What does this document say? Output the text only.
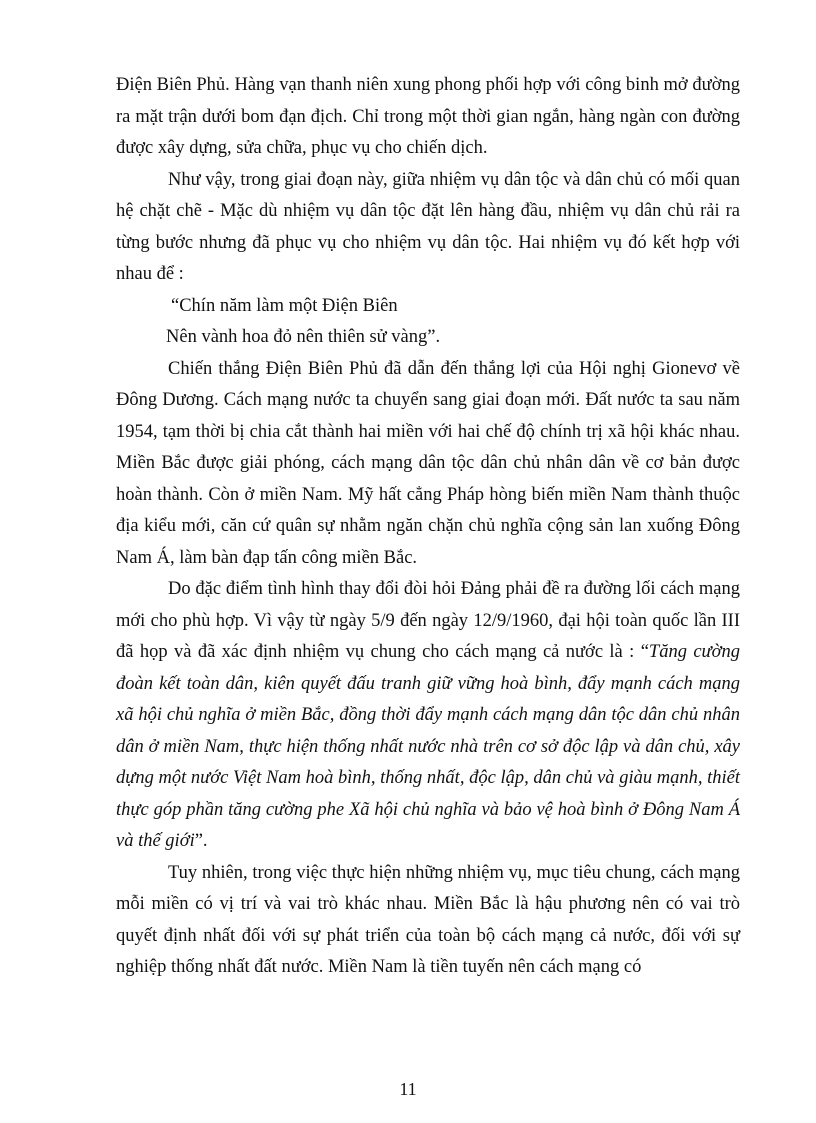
Điện Biên Phủ. Hàng vạn thanh niên xung phong phối hợp với công binh mở đường ra mặt trận dưới bom đạn địch. Chỉ trong một thời gian ngắn, hàng ngàn con đường được xây dựng, sửa chữa, phục vụ cho chiến dịch.

Như vậy, trong giai đoạn này, giữa nhiệm vụ dân tộc và dân chủ có mối quan hệ chặt chẽ - Mặc dù nhiệm vụ dân tộc đặt lên hàng đầu, nhiệm vụ dân chủ rải ra từng bước nhưng đã phục vụ cho nhiệm vụ dân tộc. Hai nhiệm vụ đó kết hợp với nhau để :

“Chín năm làm một Điện Biên
Nên vành hoa đỏ nên thiên sử vàng”.

Chiến thắng Điện Biên Phủ đã dẫn đến thắng lợi của Hội nghị Gionevơ về Đông Dương. Cách mạng nước ta chuyển sang giai đoạn mới. Đất nước ta sau năm 1954, tạm thời bị chia cắt thành hai miền với hai chế độ chính trị xã hội khác nhau. Miền Bắc được giải phóng, cách mạng dân tộc dân chủ nhân dân về cơ bản được hoàn thành. Còn ở miền Nam. Mỹ hất cẳng Pháp hòng biến miền Nam thành thuộc địa kiểu mới, căn cứ quân sự nhằm ngăn chặn chủ nghĩa cộng sản lan xuống Đông Nam Á, làm bàn đạp tấn công miền Bắc.

Do đặc điểm tình hình thay đổi đòi hỏi Đảng phải đề ra đường lối cách mạng mới cho phù hợp. Vì vậy từ ngày 5/9 đến ngày 12/9/1960, đại hội toàn quốc lần III đã họp và đã xác định nhiệm vụ chung cho cách mạng cả nước là : “Tăng cường đoàn kết toàn dân, kiên quyết đấu tranh giữ vững hoà bình, đẩy mạnh cách mạng xã hội chủ nghĩa ở miền Bắc, đồng thời đẩy mạnh cách mạng dân tộc dân chủ nhân dân ở miền Nam, thực hiện thống nhất nước nhà trên cơ sở độc lập và dân chủ, xây dựng một nước Việt Nam hoà bình, thống nhất, độc lập, dân chủ và giàu mạnh, thiết thực góp phần tăng cường phe Xã hội chủ nghĩa và bảo vệ hoà bình ở Đông Nam Á và thế giới”.

Tuy nhiên, trong việc thực hiện những nhiệm vụ, mục tiêu chung, cách mạng mỗi miền có vị trí và vai trò khác nhau. Miền Bắc là hậu phương nên có vai trò quyết định nhất đối với sự phát triển của toàn bộ cách mạng cả nước, đối với sự nghiệp thống nhất đất nước. Miền Nam là tiền tuyến nên cách mạng có

11
